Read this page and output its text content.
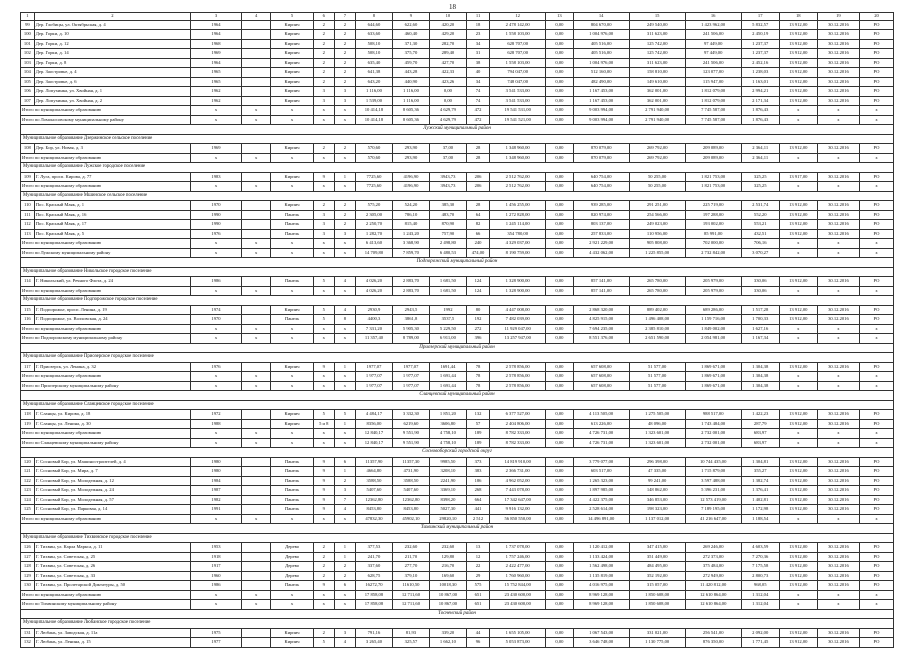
18
1	2	3	4	5	6	7	8	9	10	11	12	13	14	15	16	17	18	19	20
99	Дер. Глобицы, ул. Октябрьская, д. 4	1964		Кирпич	2	2	644,60	622,60	420,20	18	2 478 142,00	0,00	804 670,00	249 540,00	1 423 962,00	5 832,57	13 912,00	30.12.2016	РО
100	Дер. Горки, д. 10	1964		Кирпич	2	2	633,60	460,40	429,20	23	1 558 103,00	0,00	1 004 976,00	311 623,00	241 506,00	2 450,19	13 912,00	30.12.2016	РО
101	Дер. Горки, д. 12	1968		Кирпич	2	2	508,10	371,30	282,70	34	628 707,00	0,00	405 516,00	125 742,00	97 449,00	1 237,37	13 912,00	30.12.2016	РО
102	Дер. Горки, д. 14	1969		Кирпич	2	2	508,10	375,70	289,40	31	628 707,00	0,00	405 516,00	125 742,00	97 449,00	1 237,37	13 912,00	30.12.2016	РО
103	Дер. Горки, д. 8	1964		Кирпич	2	2	635,40	459,70	427,70	38	1 558 103,00	0,00	1 004 976,00	311 623,00	241 506,00	2 452,16	13 912,00	30.12.2016	РО
104	Дер. Заостровье, д. 4	1965		Кирпич	2	2	641,38	443,28	422,33	40	794 047,00	0,00	512 160,00	158 810,00	123 077,00	1 238,03	13 912,00	30.12.2016	РО
105	Дер. Заостровье, д. 6	1965		Кирпич	2	2	643,20	440,90	423,26	34	748 047,00	0,00	482 490,00	149 610,00	115 947,00	1 163,01	13 912,00	30.12.2016	РО
106	Дер. Лопухинка, ул. Хвойная, д. 1	1962		Кирпич	3	3	1 116,00	1 116,00	0,00	74	3 541 533,00	0,00	1 167 453,00	362 001,00	1 812 079,00	2 994,21	13 912,00	30.12.2016	РО
107	Дер. Лопухинка, ул. Хвойная, д. 2	1962		Кирпич	3	3	1 539,00	1 116,00	0,00	74	3 541 533,00	0,00	1 167 453,00	362 001,00	1 812 079,00	2 171,34	13 912,00	30.12.2016	РО
Итого по муниципальному образованию		х	х	х	х	х	10 414,18	8 605,36	4 629,79	472	19 541 531,00	0,00	9 003 994,00	2 791 940,00	7 745 587,00	1 876,43	х	х	х
Итого по Ломоносовскому муниципальному району		х	х	х	х	х	10 414,18	8 605,36	4 629,79	472	19 541 521,00	0,00	9 003 994,00	2 791 940,00	7 745 587,00	1 876,43	х	х	х
Лужский муниципальный район																			
Муниципальное образование Дзержинское сельское поселение																			
108	Дер. Бор, ул. Новая, д. 3	1969		Кирпич	2	2	570,60	293,90	37,00	28	1 348 960,00	0,00	870 079,00	269 792,00	209 089,00	2 364,11	13 912,00	30.12.2016	РО
Итого по муниципальному образованию		х	х	х	х	х	570,60	293,90	37,00	28	1 348 960,00	0,00	870 079,00	269 792,00	209 089,00	2 364,11	х	х	х
Муниципальное образование Лужское городское поселение																			
109	Г. Луга, просп. Кирова, д. 77	1983		Кирпич	9	1	7725,60	4196,90	3943,73	206	2 512 762,00	0,00	640 754,00	50 255,00	1 821 753,00	325,25	13 917,00	30.12.2016	РО
Итого по муниципальному образованию		х	х	х	х	х	7725,60	4196,90	3943,73	206	2 512 762,00	0,00	640 754,00	50 255,00	1 821 753,00	325,25	х	х	х
Муниципальное образование Мшинское сельское поселение																			
110	Пос. Красный Маяк, д. 1	1970		Кирпич	2	2	575,20	524,20	385,30	28	1 456 255,00	0,00	939 285,00	291 251,00	225 719,00	2 531,74	13 912,00	30.12.2016	РО
111	Пос. Красный Маяк, д. 16	1990		Панель	3	2	2 305,00	786,10	483,70	64	1 272 828,00	0,00	820 974,00	254 566,00	197 288,00	552,20	13 912,00	30.12.2016	РО
112	Пос. Красный Маяк, д. 17	1990		Панель	3	2	2 250,70	815,40	870,90	82	1 245 114,00	0,00	803 137,00	249 023,00	193 002,00	553,21	13 912,00	30.12.2016	РО
113	Пос. Красный Маяк, д. 5	1976		Панель	3	3	1 282,70	1 243,20	757,90	66	354 780,00	0,00	257 833,00	110 956,00	85 991,00	432,51	13 912,00	30.12.2016	РО
Итого по муниципальному образованию		х	х	х	х	х	6 413,60	3 368,90	2 498,80	240	4 329 037,00	0,00	2 921 229,00	905 808,00	702 000,00	706,16	х	х	х
Итого по Лужскому муниципальному району		х	х	х	х	х	14 709,80	7 859,70	6 480,53	474,00	8 190 759,00	0,00	4 432 062,00	1 225 855,00	2 732 842,00	3 070,27	х	х	х
Подпорожский муниципальный район																			
Муниципальное образование Никольское городское поселение																			
114	Г. Никольский, ул. Речного Флота, д. 24	1986		Панель	5	4	4 026,20	2 883,70	1 681,50	124	1 328 900,00	0,00	857 141,00	265 780,00	205 979,00	330,06	13 912,00	30.12.2016	РО
Итого по муниципальному образованию		х	х	х	х	х	4 026,20	2 883,70	1 681,50	124	1 328 900,00	0,00	857 141,00	265 780,00	205 979,00	330,06	х	х	х
Муниципальное образование Подпорожское городское поселение																			
115	Г. Подпорожье, просп. Ленина, д. 19	1974		Кирпич	5	4	2930,9	2943,5	1992	80	4 447 008,00	0,00	2 868 320,00	889 402,00	689 286,00	1 517,28	13 912,00	30.12.2016	РО
116	Г. Подпорожье, ул. Волховская, д. 24	1970		Панель	5	8	4400,3	3861,8	3537,5	192	7 482 039,00	0,00	4 825 915,00	1 496 408,00	1 159 716,00	1 700,33	13 912,00	30.12.2016	РО
Итого по муниципальному образованию		х	х	х	х	х	7 331,20	5 905,30	5 229,50	272	11 929 047,00	0,00	7 694 235,00	2 385 810,00	1 849 002,00	1 627,16	х	х	х
Итого по Подпорожскому муниципальному району		х	х	х	х	х	11 357,40	8 789,00	6 911,00	396	13 257 947,00	0,00	8 551 376,00	2 651 590,00	2 054 981,00	1 167,34	х	х	х
Приозерский муниципальный район																			
Муниципальное образование Приозерское городское поселение																			
117	Г. Приозерск, ул. Ленина, д. 32	1976		Кирпич	9	1	1977,07	1977,07	1691,44	78	2 578 856,00	0,00	657 608,00	51 577,00	1 869 671,00	1 304,38	13 912,00	30.12.2016	РО
Итого по муниципальному образованию		х	х	х	х	х	1 977,07	1 977,07	1 691,44	78	2 578 856,00	0,00	657 608,00	51 577,00	1 869 671,00	1 304,38	х	х	х
Итого по Приозерскому муниципальному району		х	х	х	х	х	1 977,07	1 977,07	1 691,44	78	2 578 856,00	0,00	657 608,00	51 577,00	1 869 671,00	1 304,38	х	х	х
Сланцевский муниципальный район																			
Муниципальное образование Сланцевское городское поселение																			
118	Г. Сланцы, ул. Кирова, д. 18	1972		Кирпич	5	5	4 484,17	3 332,30	1 851,20	132	6 377 527,00	0,00	4 113 505,00	1 275 505,00	988 517,00	1 422,23	13 912,00	30.12.2016	РО
119	Г. Сланцы, ул. Ленина, д. 30	1988		Кирпич	5 и 8	1	8356,00	6219,60	3606,80	57	2 404 806,00	0,00	613 226,00	48 096,00	1 743 484,00	287,79	13 912,00	30.12.2016	РО
Итого по муниципальному образованию		х	х	х	х	х	12 840,17	9 551,90	4 758,10	189	8 782 333,00	0,00	4 726 731,00	1 323 601,00	2 732 001,00	683,97	х	х	х
Итого по Сланцевскому муниципальному району		х	х	х	х	х	12 840,17	9 551,90	4 758,10	189	8 782 333,00	0,00	4 726 731,00	1 323 601,00	2 732 001,00	683,97	х	х	х
Сосновоборский городской округ																			
120	Г. Сосновый Бор, ул. Машиностроителей, д. 4	1980		Панель	9	6	11357,90	11357,30	9985,50	373	14 819 910,00	0,00	3 779 077,00	296 398,00	10 744 435,00	1 304,81	13 912,00	30.12.2016	РО
121	Г. Сосновый Бор, ул. Мира, д. 7	1980		Панель	9	1	4664,80	4731,90	3208,10	383	2 366 731,00	0,00	603 517,00	47 335,00	1 715 879,00	355,27	13 912,00	30.12.2016	РО
122	Г. Сосновый Бор, ул. Молодежная, д. 12	1984		Панель	9	2	3588,50	3588,50	2241,90	186	4 962 052,00	0,00	1 265 323,00	99 241,00	3 597 488,00	1 382,74	13 912,00	30.12.2016	РО
123	Г. Сосновый Бор, ул. Молодежная, д. 24	1987		Панель	9	3	5407,60	5407,60	3369,10	268	7 443 078,00	0,00	1 897 985,00	148 862,00	5 396 231,00	1 376,41	13 912,00	30.12.2016	РО
124	Г. Сосновый Бор, ул. Молодежная, д. 57	1982		Панель	9	7	12362,80	12362,80	8398,20	664	17 342 647,00	0,00	4 422 375,00	346 853,00	12 573 419,00	1 402,81	13 912,00	30.12.2016	РО
125	Г. Сосновый Бор, ул. Парковая, д. 14	1991		Панель	9	4	8453,80	8453,80	5027,30	441	9 916 132,00	0,00	2 528 614,00	198 323,00	7 189 195,00	1 172,98	13 912,00	30.12.2016	РО
Итого по муниципальному образованию		х	х	х	х	х	47832,30	45902,10	29820,10	2 512	56 850 550,00	0,00	14 496 891,00	1 137 012,00	41 216 647,00	1 188,54	х	х	х
Тихвинский муниципальный район																			
Муниципальное образование Тихвинское городское поселение																			
126	Г. Тихвин, ул. Карла Маркса, д. 11	1953		Дерево	2	1	377,53	232,60	232,60	13	1 737 078,00	0,00	1 120 412,00	347 415,00	269 246,00	4 603,59	13 912,00	30.12.2016	РО
127	Г. Тихвин, ул. Советская, д. 25	1918		Дерево	2	1	241,70	211,70	129,80	12	1 757 246,00	0,00	1 133 424,00	351 449,00	272 373,00	7 270,36	13 912,00	30.12.2016	РО
128	Г. Тихвин, ул. Советская, д. 26	1917		Дерево	2	2	337,60	277,70	216,70	22	2 422 477,00	0,00	1 562 498,00	484 495,00	375 484,00	7 175,58	13 912,00	30.12.2016	РО
129	Г. Тихвин, ул. Советская, д. 33	1960		Дерево	2	2	628,75	379,10	169,60	29	1 760 960,00	0,00	1 135 819,00	352 192,00	272 949,00	2 800,73	13 912,00	30.12.2016	РО
130	Г. Тихвин, ул. Пролетарской Диктатуры, д. 50	1986		Панель	9	6	16272,70	11610,50	10018,30	575	15 752 844,00	0,00	4 016 975,00	315 057,00	11 420 812,00	968,05	13 912,00	30.12.2016	РО
Итого по муниципальному образованию		х	х	х	х	х	17 858,08	12 711,60	10 867,00	651	23 430 600,00	0,00	8 969 128,00	1 850 608,00	12 610 864,00	1 312,04	х	х	х
Итого по Тихвинскому муниципальному району		х	х	х	х	х	17 858,08	12 711,60	10 867,00	651	23 430 600,00	0,00	8 969 128,00	1 850 608,00	12 610 864,00	1 312,04	х	х	х
Тосненский район																			
Муниципальное образование Любанское городское поселение																			
131	Г. Любань, ул. Заводская, д. 11а	1975		Кирпич	2	3	791,16	81,93	339,20	44	1 655 105,00	0,00	1 067 543,00	331 021,00	256 541,00	2 092,00	13 912,00	30.12.2016	РО
132	Г. Любань, ул. Ленина, д. 15	1977		Кирпич	5	4	3 265,40	325,57	1 662,10	96	5 053 873,00	0,00	3 646 748,00	1 130 775,00	876 350,00	1 771,45	13 912,00	30.12.2016	РО
